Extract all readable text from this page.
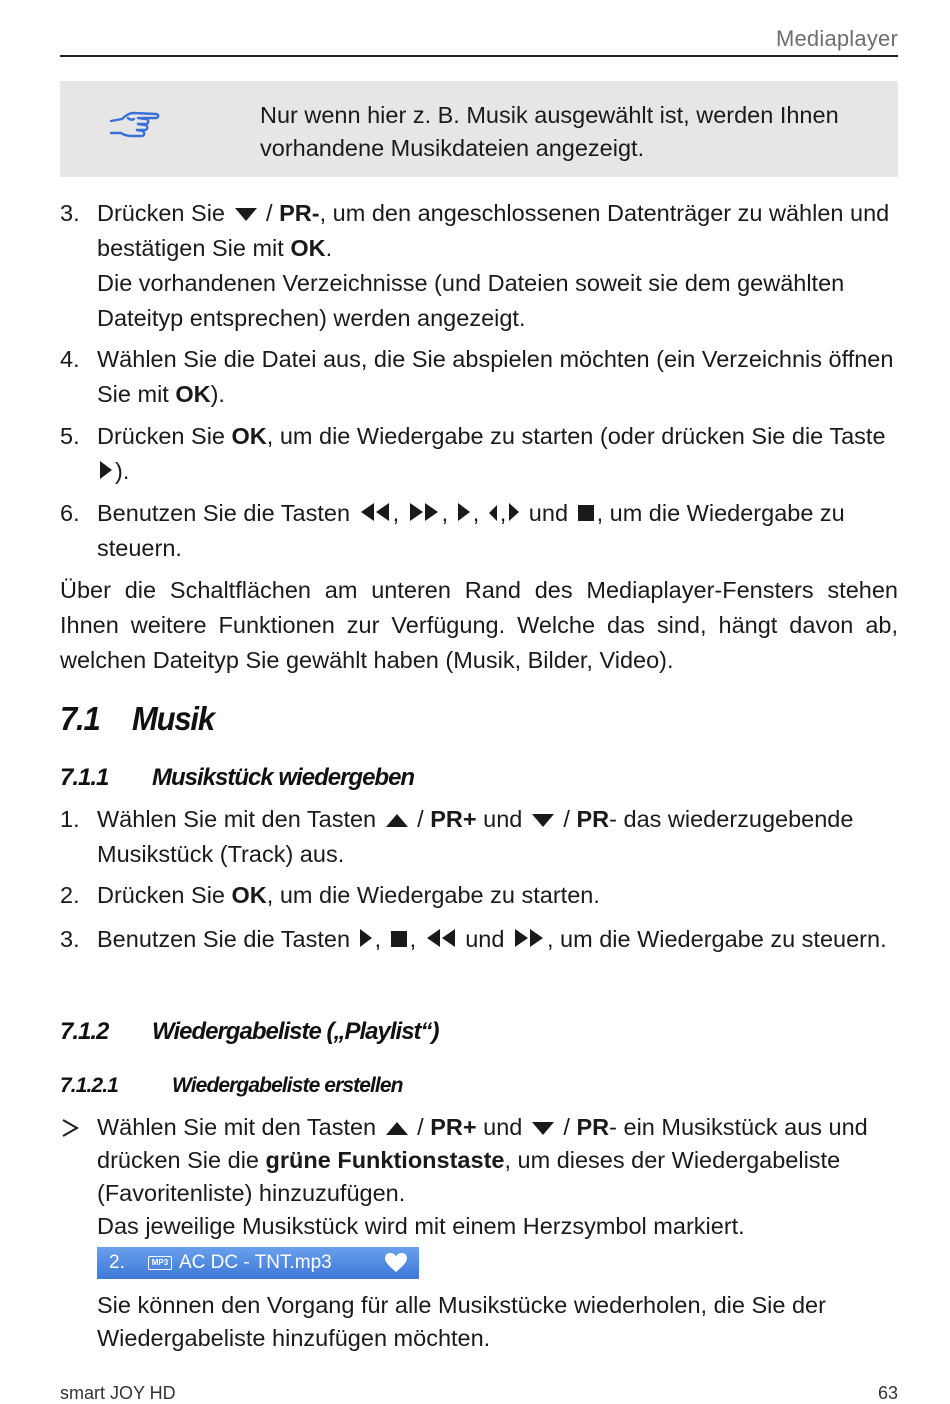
Mediaplayer
Nur wenn hier z. B. Musik ausgewählt ist, werden Ihnen vorhandene Musikdateien angezeigt.
3. Drücken Sie
/ PR-, um den angeschlossenen Datenträger zu wählen und bestätigen Sie mit OK.

Die vorhandenen Verzeichnisse (und Dateien soweit sie dem gewählten Dateityp entsprechen) werden angezeigt.

4. Wählen Sie die Datei aus, die Sie abspielen möchten (ein Verzeichnis öffnen Sie mit OK).

5. Drücken Sie OK, um die Wiedergabe zu starten (oder drücken Sie die Taste
).

6. Benutzen Sie die Tasten
, , , ,
und
, um die Wiedergabe zu steuern.

Über die Schaltflächen am unteren Rand des Mediaplayer-Fensters stehen Ihnen weitere Funktionen zur Verfügung. Welche das sind, hängt davon ab, welchen Dateityp Sie gewählt haben (Musik, Bilder, Video).
7.1 Musik
7.1.1 Musikstück wiedergeben
1. Wählen Sie mit den Tasten
/ PR+ und
/ PR- das wiederzugebende Musikstück (Track) aus.

2. Drücken Sie OK, um die Wiedergabe zu starten.

3. Benutzen Sie die Tasten
, ,
und
, um die Wiedergabe zu steuern.

7.1.2 Wiedergabeliste („Playlist“)
7.1.2.1	Wiedergabeliste erstellen

Wählen Sie mit den Tasten
/ PR+ und
/ PR- ein Musikstück aus und drücken Sie die grüne Funktionstaste, um dieses der Wiedergabeliste (Favoritenliste) hinzuzufügen.

Das jeweilige Musikstück wird mit einem Herzsymbol markiert.

2.	MP3 AC DC - TNT.mp3

Sie können den Vorgang für alle Musikstücke wiederholen, die Sie der Wiedergabeliste hinzufügen möchten.

smart JOY HD	63
